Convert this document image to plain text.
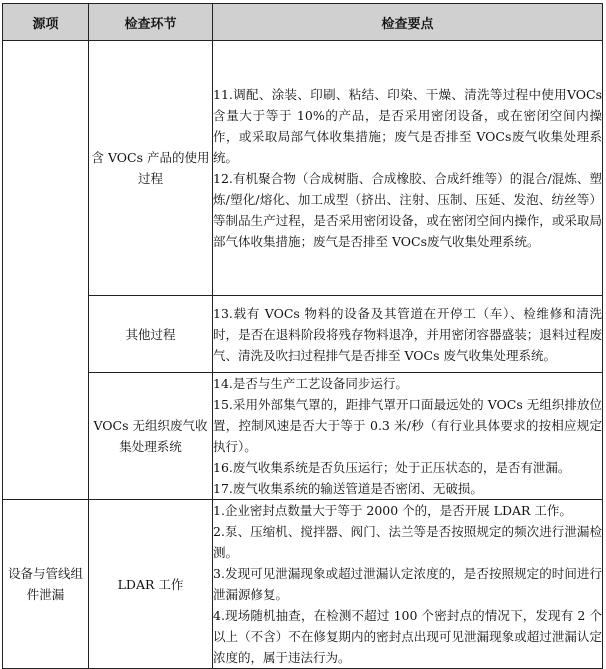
源项	检查环节	检查要点
	含 VOCs 产品的使用过程	11.调配、涂装、印刷、粘结、印染、干燥、清洗等过程中使用VOCs含量大于等于 10%的产品，是否采用密闭设备，或在密闭空间内操作，或采取局部气体收集措施；废气是否排至 VOCs废气收集处理系统。
12.有机聚合物（合成树脂、合成橡胶、合成纤维等）的混合/混炼、塑炼/塑化/熔化、加工成型（挤出、注射、压制、压延、发泡、纺丝等）等制品生产过程，是否采用密闭设备，或在密闭空间内操作，或采取局部气体收集措施；废气是否排至 VOCs废气收集处理系统。

	其他过程	13.载有 VOCs 物料的设备及其管道在开停工（车）、检维修和清洗时，是否在退料阶段将残存物料退净，并用密闭容器盛装；退料过程废气、清洗及吹扫过程排气是否排至 VOCs 废气收集处理系统。

	VOCs 无组织废气收集处理系统	14.是否与生产工艺设备同步运行。
15.采用外部集气罩的，距排气罩开口面最远处的 VOCs 无组织排放位置，控制风速是否大于等于 0.3 米/秒（有行业具体要求的按相应规定执行）。
16.废气收集系统是否负压运行；处于正压状态的，是否有泄漏。
17.废气收集系统的输送管道是否密闭、无破损。

设备与管线组件泄漏	LDAR 工作	1.企业密封点数量大于等于 2000 个的，是否开展 LDAR 工作。
2.泵、压缩机、搅拌器、阀门、法兰等是否按照规定的频次进行泄漏检测。
3.发现可见泄漏现象或超过泄漏认定浓度的，是否按照规定的时间进行泄漏源修复。
4.现场随机抽查，在检测不超过 100 个密封点的情况下，发现有 2 个以上（不含）不在修复期内的密封点出现可见泄漏现象或超过泄漏认定浓度的，属于违法行为。
